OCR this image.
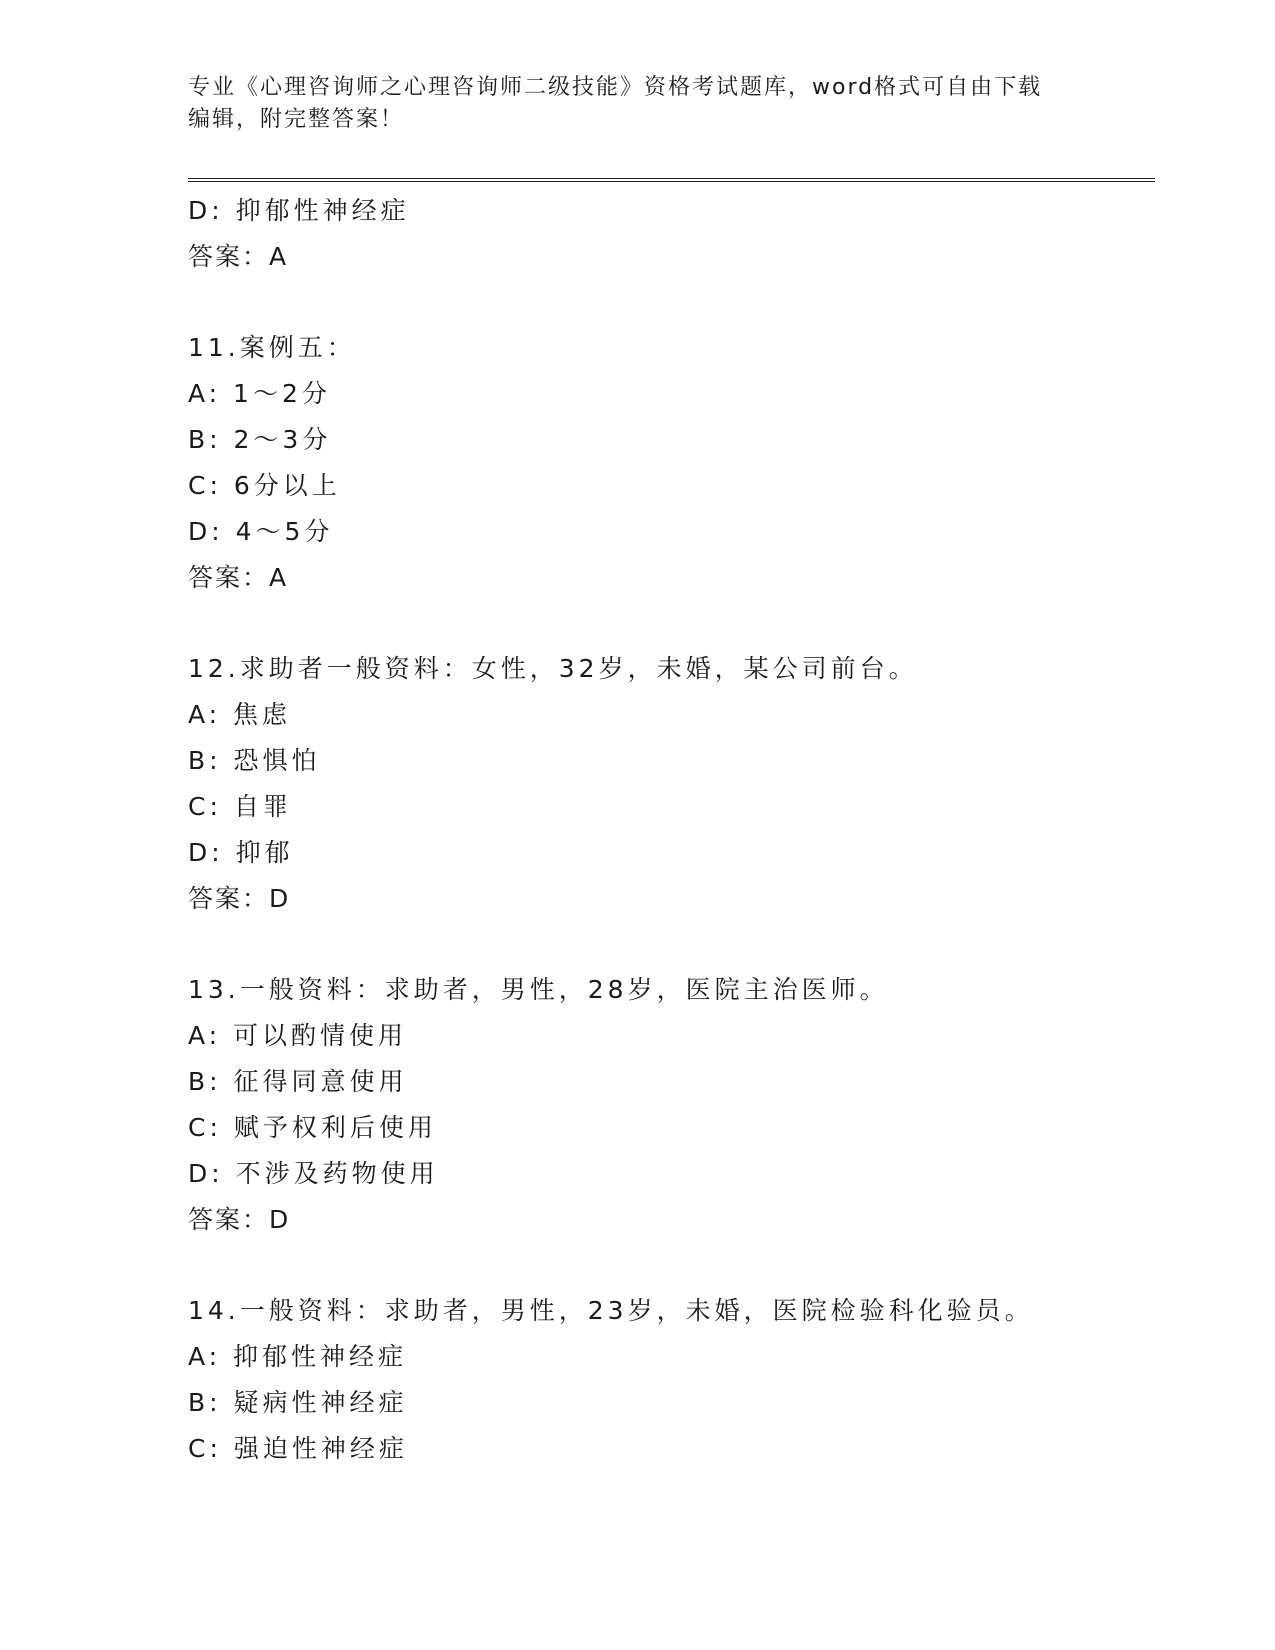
专业《心理咨询师之心理咨询师二级技能》资格考试题库，word格式可自由下载
编辑，附完整答案！
D: 抑郁性神经症
答案：A
11.案例五：
A: 1～2分
B: 2～3分
C: 6分以上
D: 4～5分
答案：A
12.求助者一般资料：女性，32岁，未婚，某公司前台。
A: 焦虑
B: 恐惧怕
C: 自罪
D: 抑郁
答案：D
13.一般资料：求助者，男性，28岁，医院主治医师。
A: 可以酌情使用
B: 征得同意使用
C: 赋予权利后使用
D: 不涉及药物使用
答案：D
14.一般资料：求助者，男性，23岁，未婚，医院检验科化验员。
A: 抑郁性神经症
B: 疑病性神经症
C: 强迫性神经症
